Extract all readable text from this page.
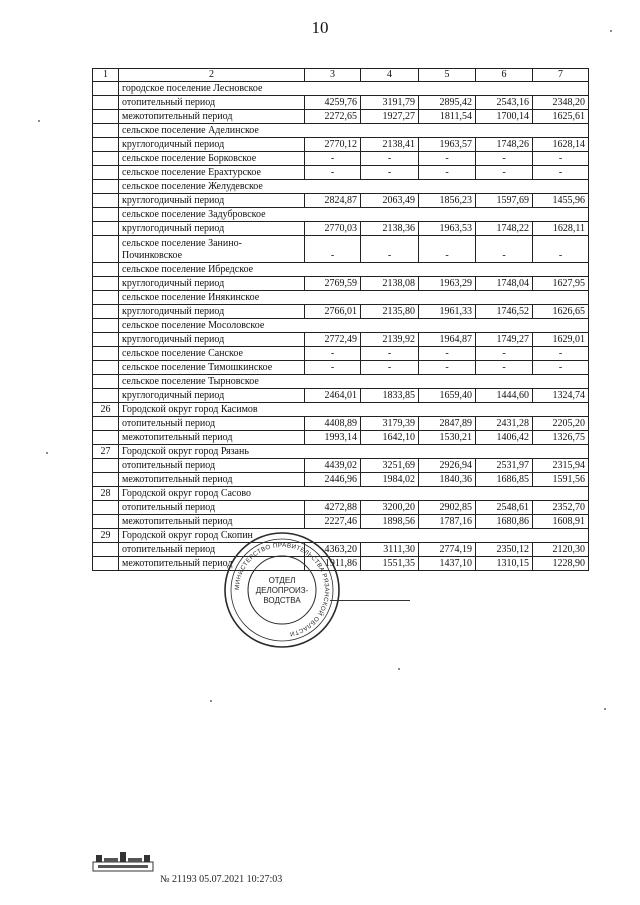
10
1	2	3	4	5	6	7
	городское поселение Лесновское					
	отопительный период	4259,76	3191,79	2895,42	2543,16	2348,20
	межотопительный период	2272,65	1927,27	1811,54	1700,14	1625,61
	сельское поселение Аделинское					
	круглогодичный период	2770,12	2138,41	1963,57	1748,26	1628,14
	сельское поселение Борковское	-	-	-	-	-
	сельское поселение Ерахтурское	-	-	-	-	-
	сельское поселение Желудевское					
	круглогодичный период	2824,87	2063,49	1856,23	1597,69	1455,96
	сельское поселение Задубровское					
	круглогодичный период	2770,03	2138,36	1963,53	1748,22	1628,11
	сельское поселение Занино-Починковское	-	-	-	-	-
	сельское поселение Ибредское					
	круглогодичный период	2769,59	2138,08	1963,29	1748,04	1627,95
	сельское поселение Инякинское					
	круглогодичный период	2766,01	2135,80	1961,33	1746,52	1626,65
	сельское поселение Мосоловское					
	круглогодичный период	2772,49	2139,92	1964,87	1749,27	1629,01
	сельское поселение Санское	-	-	-	-	-
	сельское поселение Тимошкинское	-	-	-	-	-
	сельское поселение Тырновское					
	круглогодичный период	2464,01	1833,85	1659,40	1444,60	1324,74
26	Городской округ город Касимов					
	отопительный период	4408,89	3179,39	2847,89	2431,28	2205,20
	межотопительный период	1993,14	1642,10	1530,21	1406,42	1326,75
27	Городской округ город Рязань					
	отопительный период	4439,02	3251,69	2926,94	2531,97	2315,94
	межотопительный период	2446,96	1984,02	1840,36	1686,85	1591,56
28	Городской округ город Сасово					
	отопительный период	4272,88	3200,20	2902,85	2548,61	2352,70
	межотопительный период	2227,46	1898,56	1787,16	1680,86	1608,91
29	Городской округ город Скопин					
	отопительный период	4363,20	3111,30	2774,19	2350,12	2120,30
	межотопительный период	1911,86	1551,35	1437,10	1310,15	1228,90
МИНИСТЕРСТВО ПРАВИТЕЛЬСТВА РЯЗАНСКОЙ ОБЛАСТИ
ОТДЕЛ
ДЕЛОПРОИЗ-
ВОДСТВА
№ 21193 05.07.2021 10:27:03
